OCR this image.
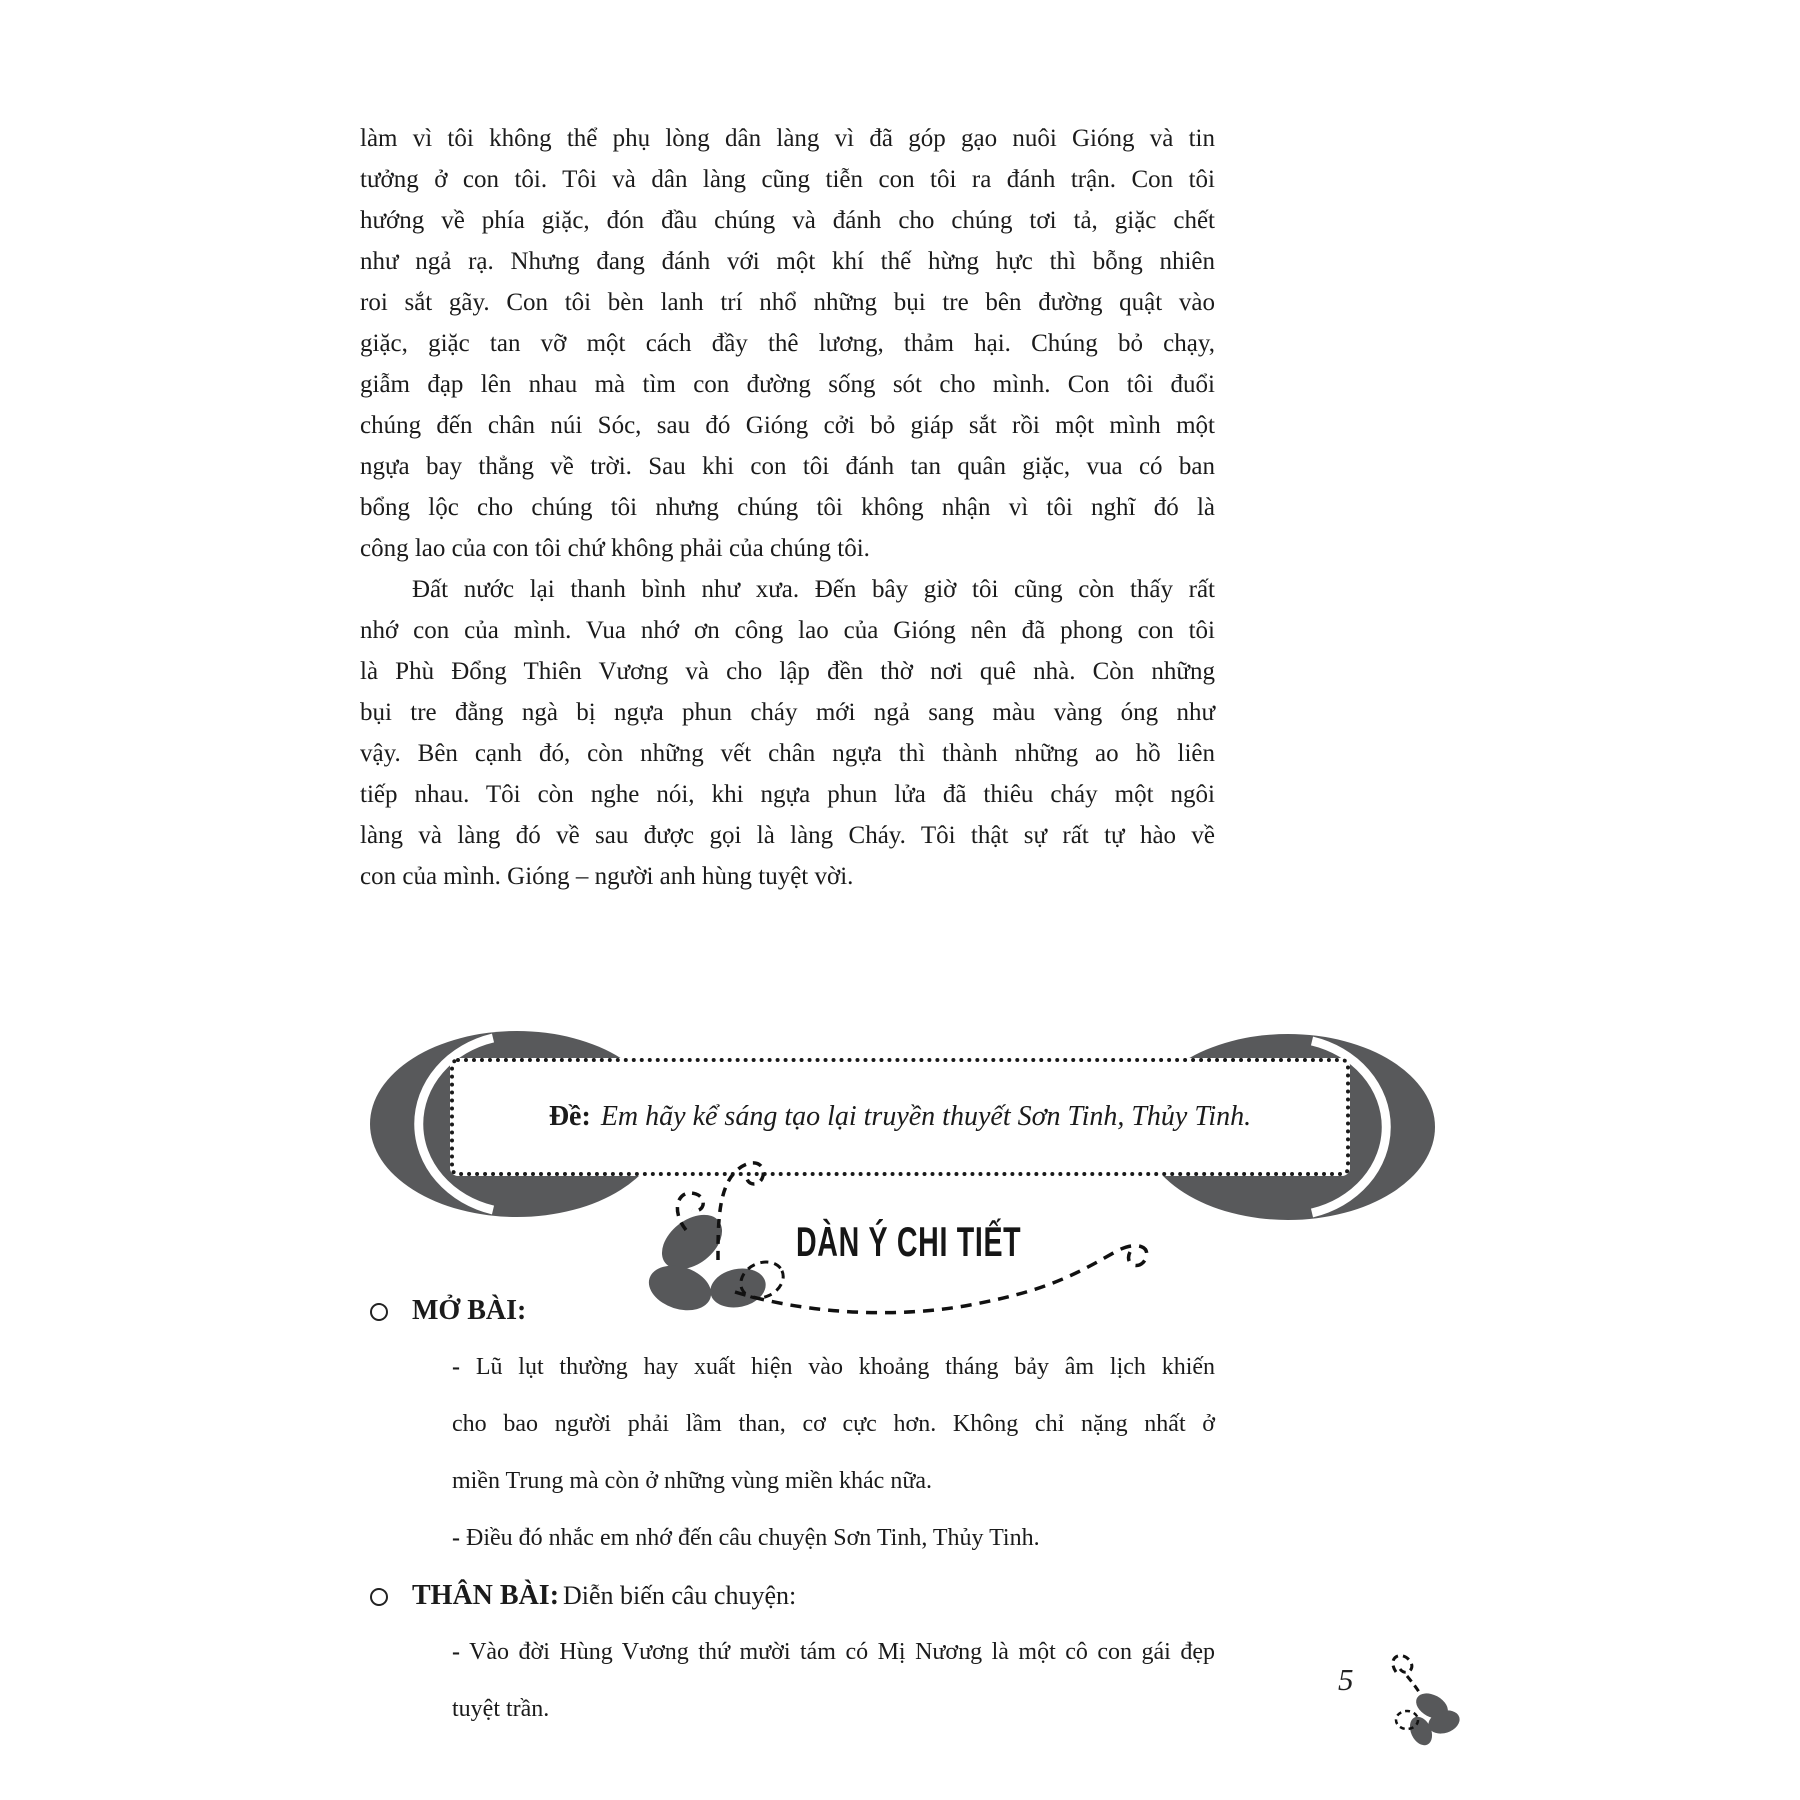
làm vì tôi không thể phụ lòng dân làng vì đã góp gạo nuôi Gióng và tin
tưởng ở con tôi. Tôi và dân làng cũng tiễn con tôi ra đánh trận. Con tôi
hướng về phía giặc, đón đầu chúng và đánh cho chúng tơi tả, giặc chết
như ngả rạ. Nhưng đang đánh với một khí thế hừng hực thì bỗng nhiên
roi sắt gãy. Con tôi bèn lanh trí nhổ những bụi tre bên đường quật vào
giặc, giặc tan vỡ một cách đầy thê lương, thảm hại. Chúng bỏ chạy,
giẫm đạp lên nhau mà tìm con đường sống sót cho mình. Con tôi đuổi
chúng đến chân núi Sóc, sau đó Gióng cởi bỏ giáp sắt rồi một mình một
ngựa bay thẳng về trời. Sau khi con tôi đánh tan quân giặc, vua có ban
bổng lộc cho chúng tôi nhưng chúng tôi không nhận vì tôi nghĩ đó là
công lao của con tôi chứ không phải của chúng tôi.
Đất nước lại thanh bình như xưa. Đến bây giờ tôi cũng còn thấy rất
nhớ con của mình. Vua nhớ ơn công lao của Gióng nên đã phong con tôi
là Phù Đổng Thiên Vương và cho lập đền thờ nơi quê nhà. Còn những
bụi tre đằng ngà bị ngựa phun cháy mới ngả sang màu vàng óng như
vậy. Bên cạnh đó, còn những vết chân ngựa thì thành những ao hồ liên
tiếp nhau. Tôi còn nghe nói, khi ngựa phun lửa đã thiêu cháy một ngôi
làng và làng đó về sau được gọi là làng Cháy. Tôi thật sự rất tự hào về
con của mình. Gióng – người anh hùng tuyệt vời.
Đề: Em hãy kể sáng tạo lại truyền thuyết Sơn Tinh, Thủy Tinh.
DÀN Ý CHI TIẾT
MỞ BÀI:
- Lũ lụt thường hay xuất hiện vào khoảng tháng bảy âm lịch khiến
cho bao người phải lầm than, cơ cực hơn. Không chỉ nặng nhất ở
miền Trung mà còn ở những vùng miền khác nữa.
- Điều đó nhắc em nhớ đến câu chuyện Sơn Tinh, Thủy Tinh.
THÂN BÀI: Diễn biến câu chuyện:
- Vào đời Hùng Vương thứ mười tám có Mị Nương là một cô con gái đẹp
tuyệt trần.
5
